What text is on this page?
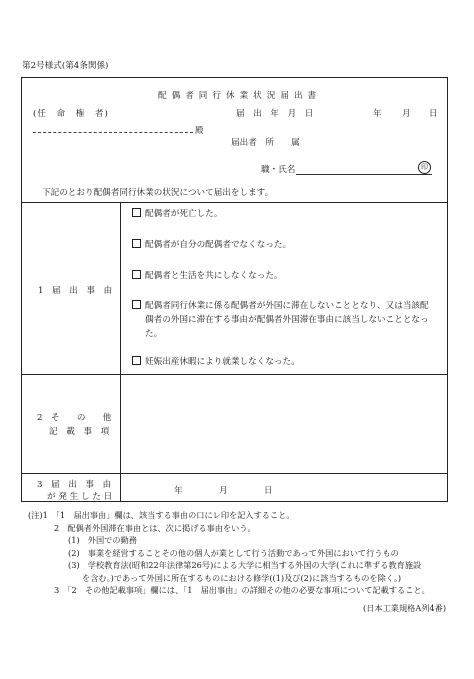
第2号様式(第4条関係)
配偶者同行休業状況届出書
(任　命　権　者)
殿
届　出　年　月　日	年 月 日
届出者　所　　属
職・氏名	印
下記のとおり配偶者同行休業の状況について届出をします。
1　届　出　事　由
配偶者が死亡した。
配偶者が自分の配偶者でなくなった。
配偶者と生活を共にしなくなった。
配偶者同行休業に係る配偶者が外国に滞在しないこととなり、又は当該配
偶者の外国に滞在する事由が配偶者外国滞在事由に該当しないこととなっ
た。
妊娠出産休暇により就業しなくなった。
2　そ　　の　　他
記　載　事　項
3　届　出　事　由
が 発 生 し た 日
年	月	日
(注)1　「1　届出事由」欄は、該当する事由の口にレ印を記入すること。
2　配偶者外国滞在事由とは、次に掲げる事由をいう。
(1)　外国での勤務
(2)　事業を経営することその他の個人が業として行う活動であって外国において行うもの
(3)　学校教育法(昭和22年法律第26号)による大学に相当する外国の大学(これに準ずる教育施設
を含む。)であって外国に所在するものにおける修学((1)及び(2)に該当するものを除く。)
3　「2　その他記載事項」欄には、「1　届出事由」の詳細その他の必要な事項について記載すること。
(日本工業規格A列4番)
